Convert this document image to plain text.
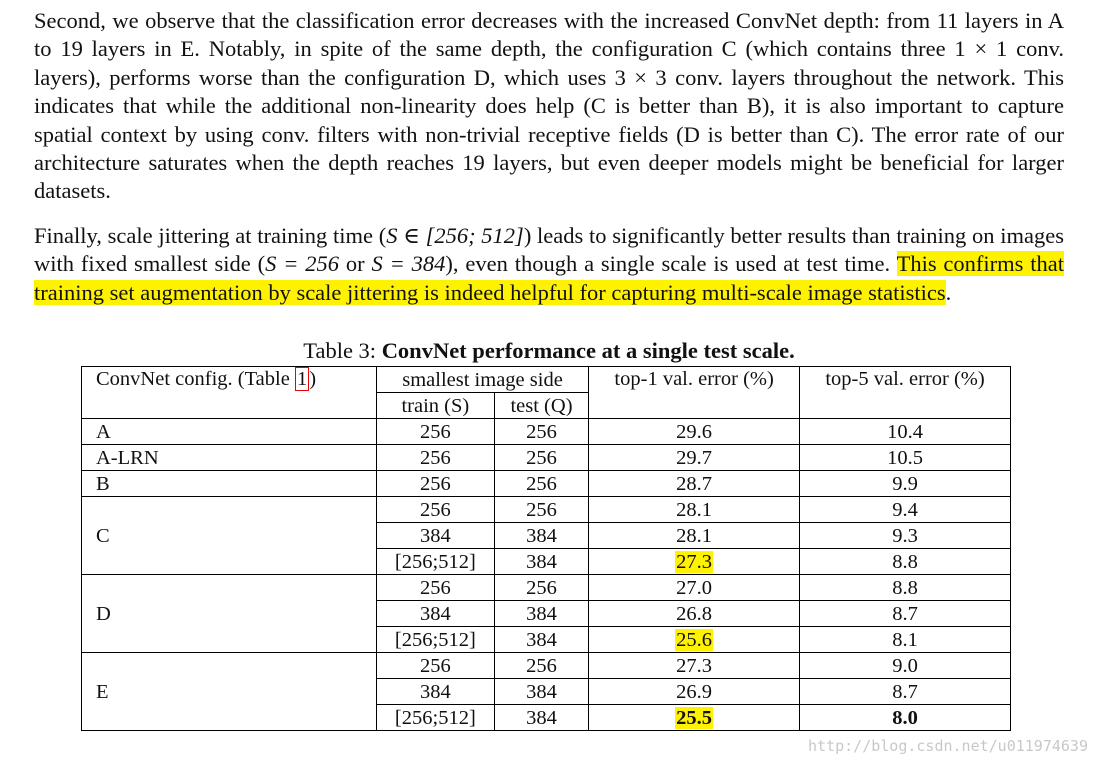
Second, we observe that the classification error decreases with the increased ConvNet depth: from 11 layers in A to 19 layers in E. Notably, in spite of the same depth, the configuration C (which contains three 1 × 1 conv. layers), performs worse than the configuration D, which uses 3 × 3 conv. layers throughout the network. This indicates that while the additional non-linearity does help (C is better than B), it is also important to capture spatial context by using conv. filters with non-trivial receptive fields (D is better than C). The error rate of our architecture saturates when the depth reaches 19 layers, but even deeper models might be beneficial for larger datasets.

Finally, scale jittering at training time (S ∈ [256; 512]) leads to significantly better results than training on images with fixed smallest side (S = 256 or S = 384), even though a single scale is used at test time. This confirms that training set augmentation by scale jittering is indeed helpful for capturing multi-scale image statistics.

Table 3: ConvNet performance at a single test scale.
ConvNet config. (Table 1)	smallest image side		top-1 val. error (%)	top-5 val. error (%)
	train (S)	test (Q)		
A	256	256	29.6	10.4
A-LRN	256	256	29.7	10.5
B	256	256	28.7	9.9
C	256	256	28.1	9.4
	384	384	28.1	9.3
	[256;512]	384	27.3	8.8
D	256	256	27.0	8.8
	384	384	26.8	8.7
	[256;512]	384	25.6	8.1
E	256	256	27.3	9.0
	384	384	26.9	8.7
	[256;512]	384	25.5	8.0
http://blog.csdn.net/u011974639
